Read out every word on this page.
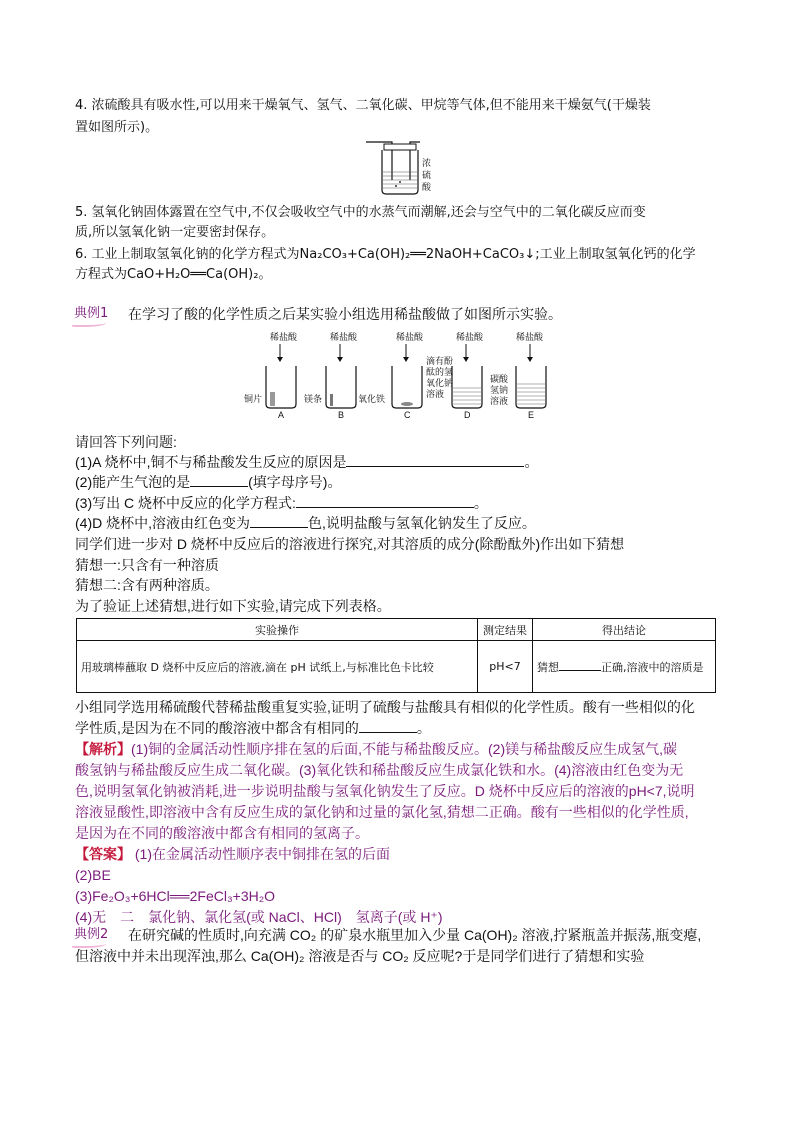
4. 浓硫酸具有吸水性,可以用来干燥氧气、氢气、二氧化碳、甲烷等气体,但不能用来干燥氨气(干燥装

置如图所示)。

浓
硫
酸

5. 氢氧化钠固体露置在空气中,不仅会吸收空气中的水蒸气而潮解,还会与空气中的二氧化碳反应而变

质,所以氢氧化钠一定要密封保存。

6. 工业上制取氢氧化钠的化学方程式为Na₂CO₃+Ca(OH)₂══2NaOH+CaCO₃↓;工业上制取氢氧化钙的化学

方程式为CaO+H₂O══Ca(OH)₂。

典例1 在学习了酸的化学性质之后某实验小组选用稀盐酸做了如图所示实验。

稀盐酸
铜片
A
稀盐酸
镁条
B
稀盐酸
氧化铁
C
稀盐酸
滴有酚
酞的氢
氧化钠
溶液
D
稀盐酸
碳酸
氢钠
溶液
E

请回答下列问题:

(1)A 烧杯中,铜不与稀盐酸发生反应的原因是	。

(2)能产生气泡的是	(填字母序号)。

(3)写出 C 烧杯中反应的化学方程式:	。

(4)D 烧杯中,溶液由红色变为	色,说明盐酸与氢氧化钠发生了反应。

同学们进一步对 D 烧杯中反应后的溶液进行探究,对其溶质的成分(除酚酞外)作出如下猜想

猜想一:只含有一种溶质

猜想二:含有两种溶质。

为了验证上述猜想,进行如下实验,请完成下列表格。

实验操作	测定结果	得出结论
用玻璃棒蘸取 D 烧杯中反应后的溶液,滴在 pH 试纸上,与标准比色卡比较	pH<7	猜想 正确,溶液中的溶质是

小组同学选用稀硫酸代替稀盐酸重复实验,证明了硫酸与盐酸具有相似的化学性质。酸有一些相似的化

学性质,是因为在不同的酸溶液中都含有相同的	。

【解析】(1)铜的金属活动性顺序排在氢的后面,不能与稀盐酸反应。(2)镁与稀盐酸反应生成氢气,碳

酸氢钠与稀盐酸反应生成二氧化碳。(3)氧化铁和稀盐酸反应生成氯化铁和水。(4)溶液由红色变为无

色,说明氢氧化钠被消耗,进一步说明盐酸与氢氧化钠发生了反应。D 烧杯中反应后的溶液的pH<7,说明

溶液显酸性,即溶液中含有反应生成的氯化钠和过量的氯化氢,猜想二正确。酸有一些相似的化学性质,

是因为在不同的酸溶液中都含有相同的氢离子。

【答案】 (1)在金属活动性顺序表中铜排在氢的后面

(2)BE

(3)Fe₂O₃+6HCl══2FeCl₃+3H₂O

(4)无　二　氯化钠、氯化氢(或 NaCl、HCl)　氢离子(或 H⁺)

典例2 在研究碱的性质时,向充满 CO₂ 的矿泉水瓶里加入少量 Ca(OH)₂ 溶液,拧紧瓶盖并振荡,瓶变瘪,

但溶液中并未出现浑浊,那么 Ca(OH)₂ 溶液是否与 CO₂ 反应呢?于是同学们进行了猜想和实验
